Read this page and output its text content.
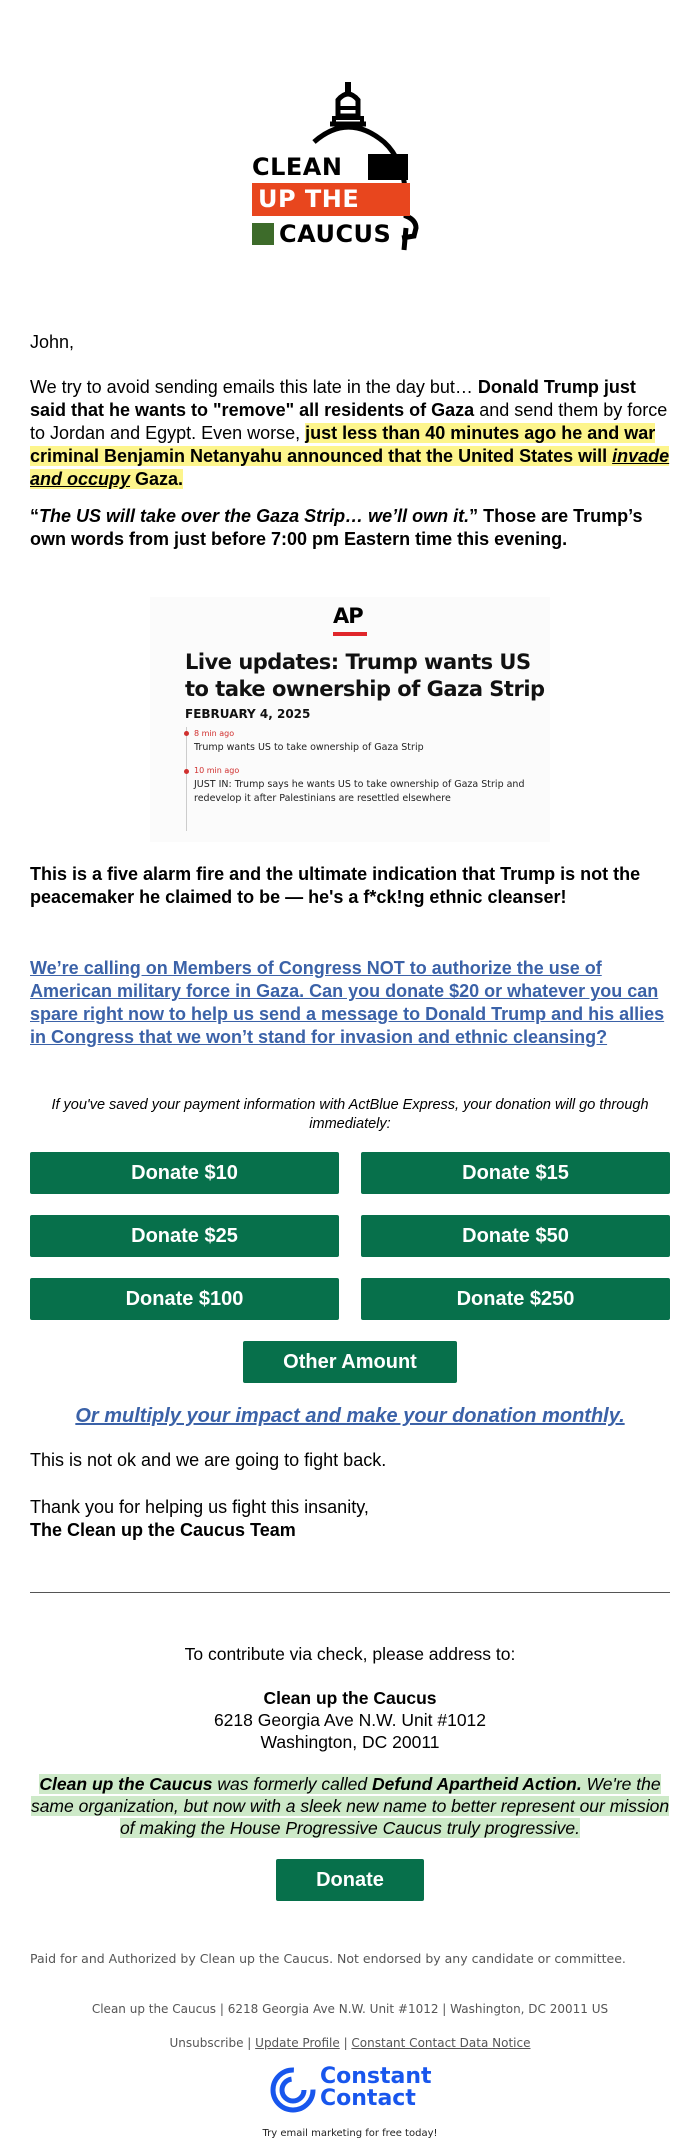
CLEAN
UP THE
CAUCUS
John,
We try to avoid sending emails this late in the day but… Donald Trump just said that he wants to "remove" all residents of Gaza and send them by force to Jordan and Egypt. Even worse, just less than 40 minutes ago he and war criminal Benjamin Netanyahu announced that the United States will invade and occupy Gaza.
“The US will take over the Gaza Strip… we’ll own it.” Those are Trump’s own words from just before 7:00 pm Eastern time this evening.
AP
Live updates: Trump wants US to take ownership of Gaza Strip
FEBRUARY 4, 2025
8 min ago
Trump wants US to take ownership of Gaza Strip
10 min ago
JUST IN: Trump says he wants US to take ownership of Gaza Strip and redevelop it after Palestinians are resettled elsewhere
This is a five alarm fire and the ultimate indication that Trump is not the peacemaker he claimed to be — he's a f*ck!ng ethnic cleanser!
We’re calling on Members of Congress NOT to authorize the use of American military force in Gaza. Can you donate $20 or whatever you can spare right now to help us send a message to Donald Trump and his allies in Congress that we won’t stand for invasion and ethnic cleansing?
If you've saved your payment information with ActBlue Express, your donation will go through immediately:
Donate $10	Donate $15
Donate $25	Donate $50
Donate $100	Donate $250
Other Amount
Or multiply your impact and make your donation monthly.
This is not ok and we are going to fight back.
Thank you for helping us fight this insanity,
The Clean up the Caucus Team
To contribute via check, please address to:
Clean up the Caucus
6218 Georgia Ave N.W. Unit #1012
Washington, DC 20011
Clean up the Caucus was formerly called Defund Apartheid Action. We're the same organization, but now with a sleek new name to better represent our mission of making the House Progressive Caucus truly progressive.
Donate
Paid for and Authorized by Clean up the Caucus. Not endorsed by any candidate or committee.
Clean up the Caucus | 6218 Georgia Ave N.W. Unit #1012 | Washington, DC 20011 US
Unsubscribe | Update Profile | Constant Contact Data Notice
Constant
Contact
Try email marketing for free today!
